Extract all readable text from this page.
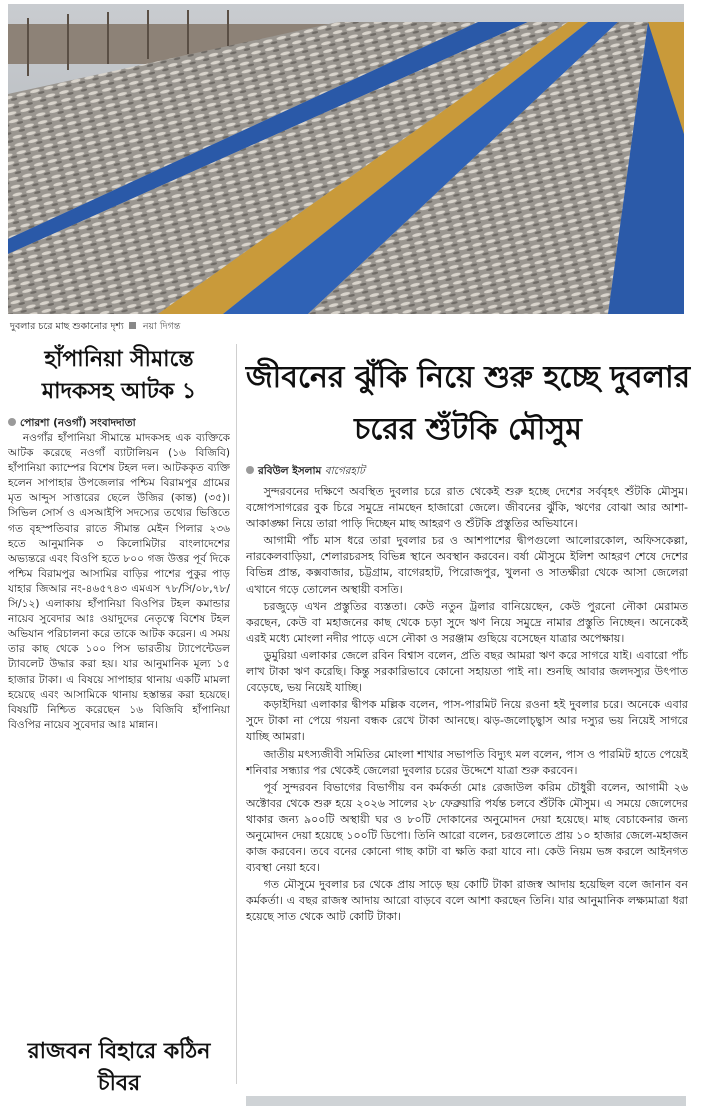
দুবলার চরে মাছ শুকানোর দৃশ্য নয়া দিগন্ত
হাঁপানিয়া সীমান্তে মাদকসহ আটক ১
পোরশা (নওগাঁ) সংবাদদাতা
নওগাঁর হাঁপানিয়া সীমান্তে মাদকসহ এক ব্যক্তিকে আটক করেছে নওগাঁ ব্যাটালিয়ন (১৬ বিজিবি) হাঁপানিয়া ক্যাম্পের বিশেষ টহল দল। আটককৃত ব্যক্তি হলেন সাপাহার উপজেলার পশ্চিম বিরামপুর গ্রামের মৃত আব্দুস সাত্তারের ছেলে উজির (কান্ত) (৩৫)। সিভিল সোর্স ও এসআইপি সদস্যের তথ্যের ভিত্তিতে গত বৃহস্পতিবার রাতে সীমান্ত মেইন পিলার ২৩৬ হতে আনুমানিক ৩ কিলোমিটার বাংলাদেশের অভ্যন্তরে এবং বিওপি হতে ৮০০ গজ উত্তর পূর্ব দিকে পশ্চিম বিরামপুর আসামির বাড়ির পাশের পুকুর পাড় যাহার জিআর নং-৪৬৫৭৪৩ এমএস ৭৮/সি/০৮,৭৮/সি/১২) এলাকায় হাঁপানিয়া বিওপির টহল কমান্ডার নায়েব সুবেদার আঃ ওয়াদুদের নেতৃত্বে বিশেষ টহল অভিযান পরিচালনা করে তাকে আটক করেন। এ সময় তার কাছ থেকে ১০০ পিস ভারতীয় ট্যাপেন্টেডল ট্যাবলেট উদ্ধার করা হয়। যার আনুমানিক মূল্য ১৫ হাজার টাকা। এ বিষয়ে সাপাহার থানায় একটি মামলা হয়েছে এবং আসামিকে থানায় হস্তান্তর করা হয়েছে। বিষয়টি নিশ্চিত করেছেন ১৬ বিজিবি হাঁপানিয়া বিওপির নায়েব সুবেদার আঃ মান্নান।
রাজবন বিহারে কঠিন চীবর
জীবনের ঝুঁকি নিয়ে শুরু হচ্ছে দুবলার চরের শুঁটকি মৌসুম
রবিউল ইসলাম বাগেরহাট

সুন্দরবনের দক্ষিণে অবস্থিত দুবলার চরে রাত থেকেই শুরু হচ্ছে দেশের সর্ববৃহৎ শুঁটকি মৌসুম। বঙ্গোপসাগরের বুক চিরে সমুদ্রে নামছেন হাজারো জেলে। জীবনের ঝুঁকি, ঋণের বোঝা আর আশা- আকাঙ্ক্ষা নিয়ে তারা পাড়ি দিচ্ছেন মাছ আহরণ ও শুঁটকি প্রস্তুতির অভিযানে।

আগামী পাঁচ মাস ধরে তারা দুবলার চর ও আশপাশের দ্বীপগুলো আলোরকোল, অফিসকেল্লা, নারকেলবাড়িয়া, শেলারচরসহ বিভিন্ন স্থানে অবস্থান করবেন। বর্ষা মৌসুমে ইলিশ আহরণ শেষে দেশের বিভিন্ন প্রান্ত, কক্সবাজার, চট্টগ্রাম, বাগেরহাট, পিরোজপুর, খুলনা ও সাতক্ষীরা থেকে আসা জেলেরা এখানে গড়ে তোলেন অস্থায়ী বসতি।

চরজুড়ে এখন প্রস্তুতির ব্যস্ততা। কেউ নতুন ট্রলার বানিয়েছেন, কেউ পুরনো নৌকা মেরামত করছেন, কেউ বা মহাজনের কাছ থেকে চড়া সুদে ঋণ নিয়ে সমুদ্রে নামার প্রস্তুতি নিচ্ছেন। অনেকেই এরই মধ্যে মোংলা নদীর পাড়ে এসে নৌকা ও সরঞ্জাম গুছিয়ে বসেছেন যাত্রার অপেক্ষায়।

ডুমুরিয়া এলাকার জেলে রবিন বিশ্বাস বলেন, প্রতি বছর আমরা ঋণ করে সাগরে যাই। এবারো পাঁচ লাখ টাকা ঋণ করেছি। কিন্তু সরকারিভাবে কোনো সহায়তা পাই না। শুনছি আবার জলদস্যুর উৎপাত বেড়েছে, ভয় নিয়েই যাচ্ছি।

কড়াইদিয়া এলাকার দ্বীপক মল্লিক বলেন, পাস-পারমিট নিয়ে রওনা হই দুবলার চরে। অনেকে এবার সুদে টাকা না পেয়ে গয়না বন্ধক রেখে টাকা আনছে। ঝড়-জলোচ্ছ্বাস আর দস্যুর ভয় নিয়েই সাগরে যাচ্ছি আমরা।

জাতীয় মৎস্যজীবী সমিতির মোংলা শাখার সভাপতি বিদ্যুৎ মল বলেন, পাস ও পারমিট হাতে পেয়েই শনিবার সন্ধ্যার পর থেকেই জেলেরা দুবলার চরের উদ্দেশে যাত্রা শুরু করবেন।

পূর্ব সুন্দরবন বিভাগের বিভাগীয় বন কর্মকর্তা মোঃ রেজাউল করিম চৌধুরী বলেন, আগামী ২৬ অক্টোবর থেকে শুরু হয়ে ২০২৬ সালের ২৮ ফেব্রুয়ারি পর্যন্ত চলবে শুঁটকি মৌসুম। এ সময়ে জেলেদের থাকার জন্য ৯০০টি অস্থায়ী ঘর ও ৮০টি দোকানের অনুমোদন দেয়া হয়েছে। মাছ বেচাকেনার জন্য অনুমোদন দেয়া হয়েছে ১০০টি ডিপো। তিনি আরো বলেন, চরগুলোতে প্রায় ১০ হাজার জেলে-মহাজন কাজ করবেন। তবে বনের কোনো গাছ কাটা বা ক্ষতি করা যাবে না। কেউ নিয়ম ভঙ্গ করলে আইনগত ব্যবস্থা নেয়া হবে।

গত মৌসুমে দুবলার চর থেকে প্রায় সাড়ে ছয় কোটি টাকা রাজস্ব আদায় হয়েছিল বলে জানান বন কর্মকর্তা। এ বছর রাজস্ব আদায় আরো বাড়বে বলে আশা করছেন তিনি। যার আনুমানিক লক্ষ্যমাত্রা ধরা হয়েছে সাত থেকে আট কোটি টাকা।
